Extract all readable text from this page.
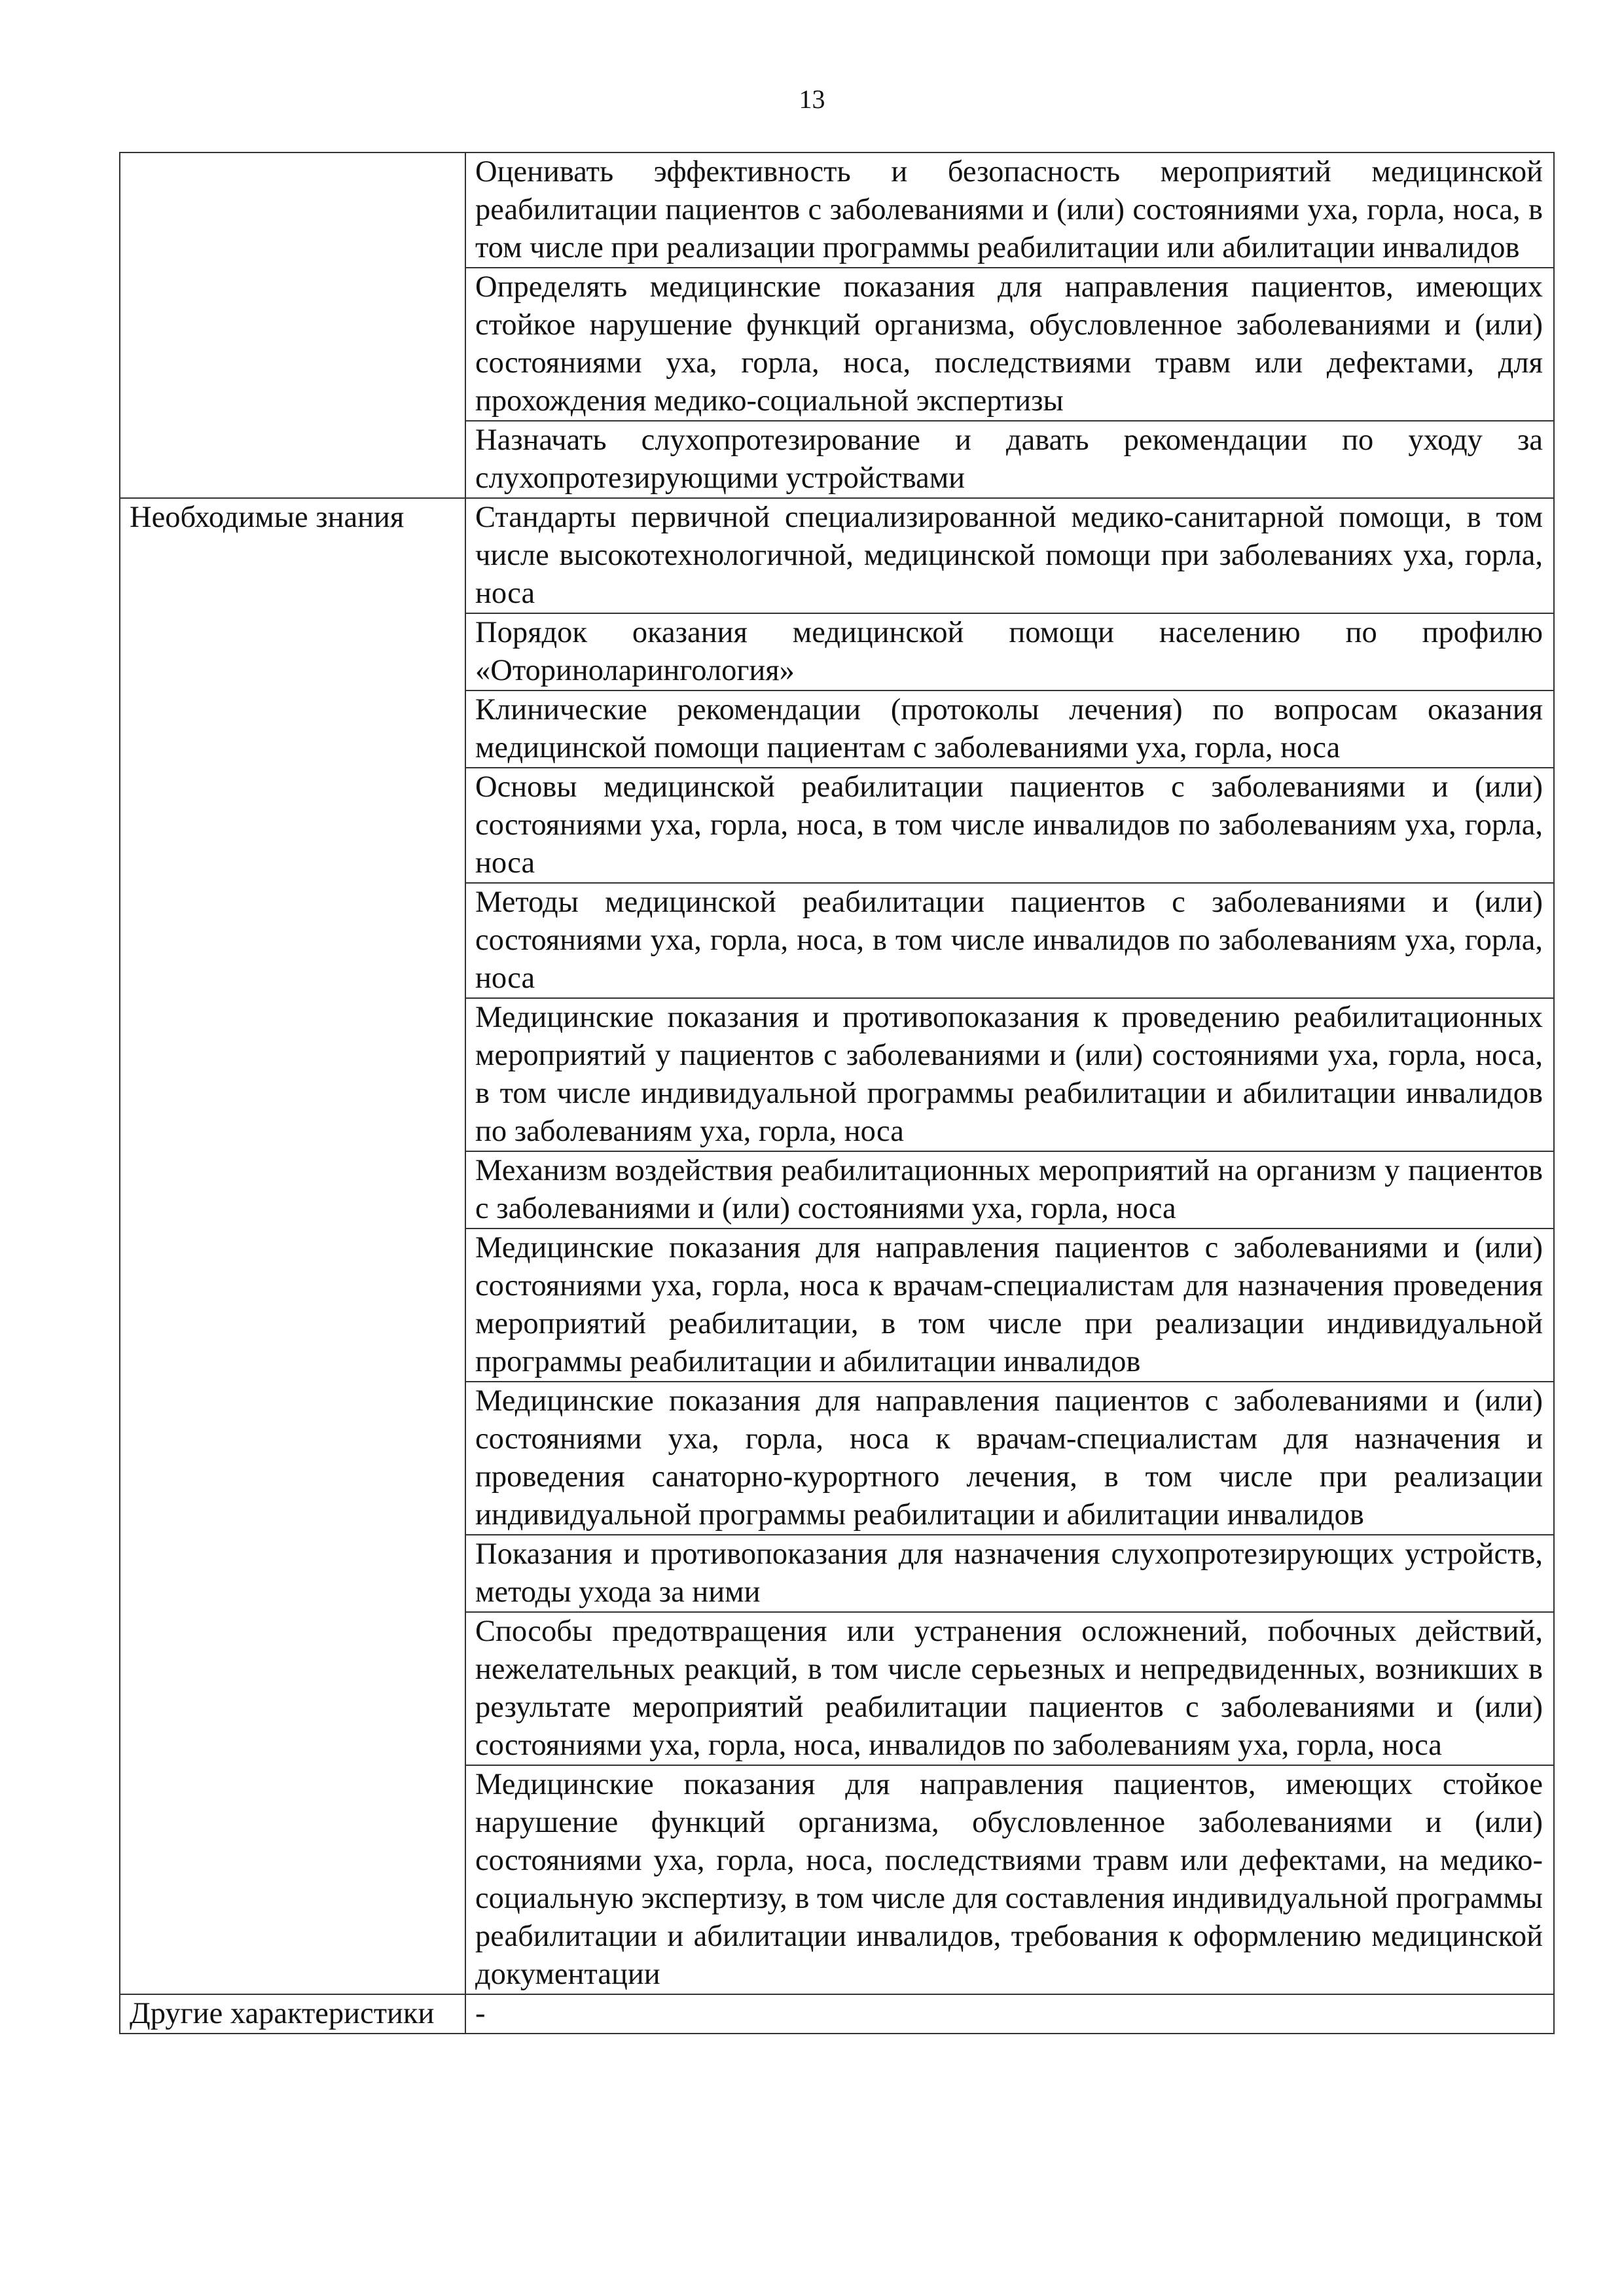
13
	Оценивать эффективность и безопасность мероприятий медицинской реабилитации пациентов с заболеваниями и (или) состояниями уха, горла, носа, в том числе при реализации программы реабилитации или абилитации инвалидов
	Определять медицинские показания для направления пациентов, имеющих стойкое нарушение функций организма, обусловленное заболеваниями и (или) состояниями уха, горла, носа, последствиями травм или дефектами, для прохождения медико-социальной экспертизы
	Назначать слухопротезирование и давать рекомендации по уходу за слухопротезирующими устройствами
Необходимые знания	Стандарты первичной специализированной медико-санитарной помощи, в том числе высокотехнологичной, медицинской помощи при заболеваниях уха, горла, носа
	Порядок оказания медицинской помощи населению по профилю «Оториноларингология»
	Клинические рекомендации (протоколы лечения) по вопросам оказания медицинской помощи пациентам с заболеваниями уха, горла, носа
	Основы медицинской реабилитации пациентов с заболеваниями и (или) состояниями уха, горла, носа, в том числе инвалидов по заболеваниям уха, горла, носа
	Методы медицинской реабилитации пациентов с заболеваниями и (или) состояниями уха, горла, носа, в том числе инвалидов по заболеваниям уха, горла, носа
	Медицинские показания и противопоказания к проведению реабилитационных мероприятий у пациентов с заболеваниями и (или) состояниями уха, горла, носа, в том числе индивидуальной программы реабилитации и абилитации инвалидов по заболеваниям уха, горла, носа
	Механизм воздействия реабилитационных мероприятий на организм у пациентов с заболеваниями и (или) состояниями уха, горла, носа
	Медицинские показания для направления пациентов с заболеваниями и (или) состояниями уха, горла, носа к врачам-специалистам для назначения проведения мероприятий реабилитации, в том числе при реализации индивидуальной программы реабилитации и абилитации инвалидов
	Медицинские показания для направления пациентов с заболеваниями и (или) состояниями уха, горла, носа к врачам-специалистам для назначения и проведения санаторно-курортного лечения, в том числе при реализации индивидуальной программы реабилитации и абилитации инвалидов
	Показания и противопоказания для назначения слухопротезирующих устройств, методы ухода за ними
	Способы предотвращения или устранения осложнений, побочных действий, нежелательных реакций, в том числе серьезных и непредвиденных, возникших в результате мероприятий реабилитации пациентов с заболеваниями и (или) состояниями уха, горла, носа, инвалидов по заболеваниям уха, горла, носа
	Медицинские показания для направления пациентов, имеющих стойкое нарушение функций организма, обусловленное заболеваниями и (или) состояниями уха, горла, носа, последствиями травм или дефектами, на медико-социальную экспертизу, в том числе для составления индивидуальной программы реабилитации и абилитации инвалидов, требования к оформлению медицинской документации
Другие характеристики	-
